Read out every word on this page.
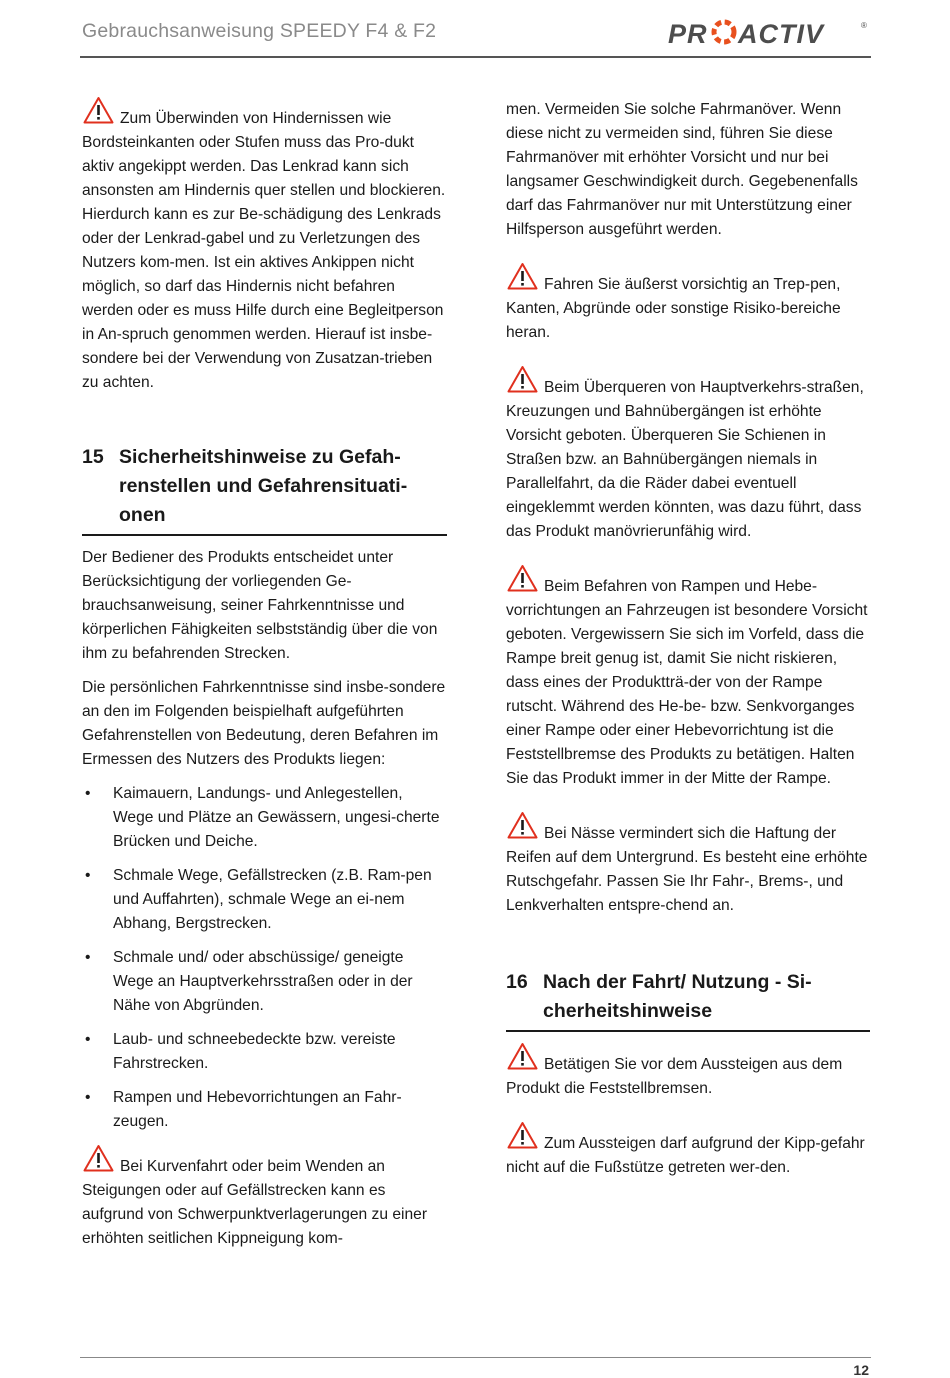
Gebrauchsanweisung SPEEDY F4 & F2	PR ACTIV	®

Zum Überwinden von Hindernissen wie Bordsteinkanten oder Stufen muss das Pro-dukt aktiv angekippt werden. Das Lenkrad kann sich ansonsten am Hindernis quer stellen und blockieren. Hierdurch kann es zur Be-schädigung des Lenkrads oder der Lenkrad-gabel und zu Verletzungen des Nutzers kom-men. Ist ein aktives Ankippen nicht möglich, so darf das Hindernis nicht befahren werden oder es muss Hilfe durch eine Begleitperson in An-spruch genommen werden. Hierauf ist insbe-sondere bei der Verwendung von Zusatzan-trieben zu achten.

15 Sicherheitshinweise zu Gefah-renstellen und Gefahrensituati-onen

Der Bediener des Produkts entscheidet unter Berücksichtigung der vorliegenden Ge-brauchsanweisung, seiner Fahrkenntnisse und körperlichen Fähigkeiten selbstständig über die von ihm zu befahrenden Strecken.

Die persönlichen Fahrkenntnisse sind insbe-sondere an den im Folgenden beispielhaft aufgeführten Gefahrenstellen von Bedeutung, deren Befahren im Ermessen des Nutzers des Produkts liegen:

• Kaimauern, Landungs- und Anlegestellen, Wege und Plätze an Gewässern, ungesi-cherte Brücken und Deiche.
• Schmale Wege, Gefällstrecken (z.B. Ram-pen und Auffahrten), schmale Wege an ei-nem Abhang, Bergstrecken.
• Schmale und/ oder abschüssige/ geneigte Wege an Hauptverkehrsstraßen oder in der Nähe von Abgründen.
• Laub- und schneebedeckte bzw. vereiste Fahrstrecken.
• Rampen und Hebevorrichtungen an Fahr-zeugen.

Bei Kurvenfahrt oder beim Wenden an Steigungen oder auf Gefällstrecken kann es aufgrund von Schwerpunktverlagerungen zu einer erhöhten seitlichen Kippneigung kom-

men. Vermeiden Sie solche Fahrmanöver. Wenn diese nicht zu vermeiden sind, führen Sie diese Fahrmanöver mit erhöhter Vorsicht und nur bei langsamer Geschwindigkeit durch. Gegebenenfalls darf das Fahrmanöver nur mit Unterstützung einer Hilfsperson ausgeführt werden.

Fahren Sie äußerst vorsichtig an Trep-pen, Kanten, Abgründe oder sonstige Risiko-bereiche heran.

Beim Überqueren von Hauptverkehrs-straßen, Kreuzungen und Bahnübergängen ist erhöhte Vorsicht geboten. Überqueren Sie Schienen in Straßen bzw. an Bahnübergängen niemals in Parallelfahrt, da die Räder dabei eventuell eingeklemmt werden könnten, was dazu führt, dass das Produkt manövrierunfähig wird.

Beim Befahren von Rampen und Hebe-vorrichtungen an Fahrzeugen ist besondere Vorsicht geboten. Vergewissern Sie sich im Vorfeld, dass die Rampe breit genug ist, damit Sie nicht riskieren, dass eines der Produktträ-der von der Rampe rutscht. Während des He-be- bzw. Senkvorganges einer Rampe oder einer Hebevorrichtung ist die Feststellbremse des Produkts zu betätigen. Halten Sie das Produkt immer in der Mitte der Rampe.

Bei Nässe vermindert sich die Haftung der Reifen auf dem Untergrund. Es besteht eine erhöhte Rutschgefahr. Passen Sie Ihr Fahr-, Brems-, und Lenkverhalten entspre-chend an.

16 Nach der Fahrt/ Nutzung - Si-cherheitshinweise

Betätigen Sie vor dem Aussteigen aus dem Produkt die Feststellbremsen.

Zum Aussteigen darf aufgrund der Kipp-gefahr nicht auf die Fußstütze getreten wer-den.

12
